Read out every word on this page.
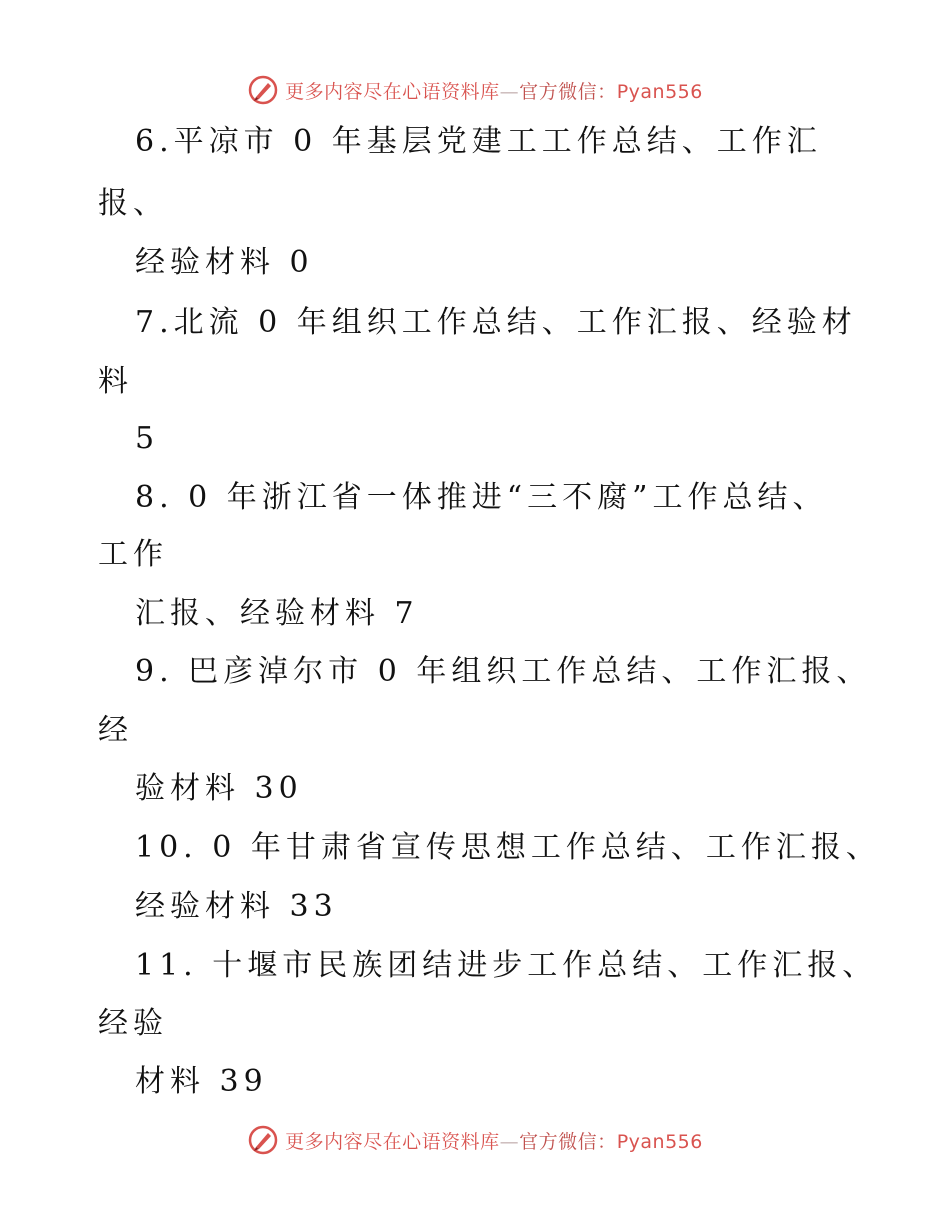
更多内容尽在心语资料库—官方微信：Pyan556
6.平凉市 0 年基层党建工工作总结、工作汇
报、
经验材料 0
7.北流 0 年组织工作总结、工作汇报、经验材
料
5
8. 0 年浙江省一体推进“三不腐”工作总结、
工作
汇报、经验材料 7
9. 巴彦淖尔市 0 年组织工作总结、工作汇报、
经
验材料 30
10. 0 年甘肃省宣传思想工作总结、工作汇报、
经验材料 33
11. 十堰市民族团结进步工作总结、工作汇报、
经验
材料 39
更多内容尽在心语资料库—官方微信：Pyan556
